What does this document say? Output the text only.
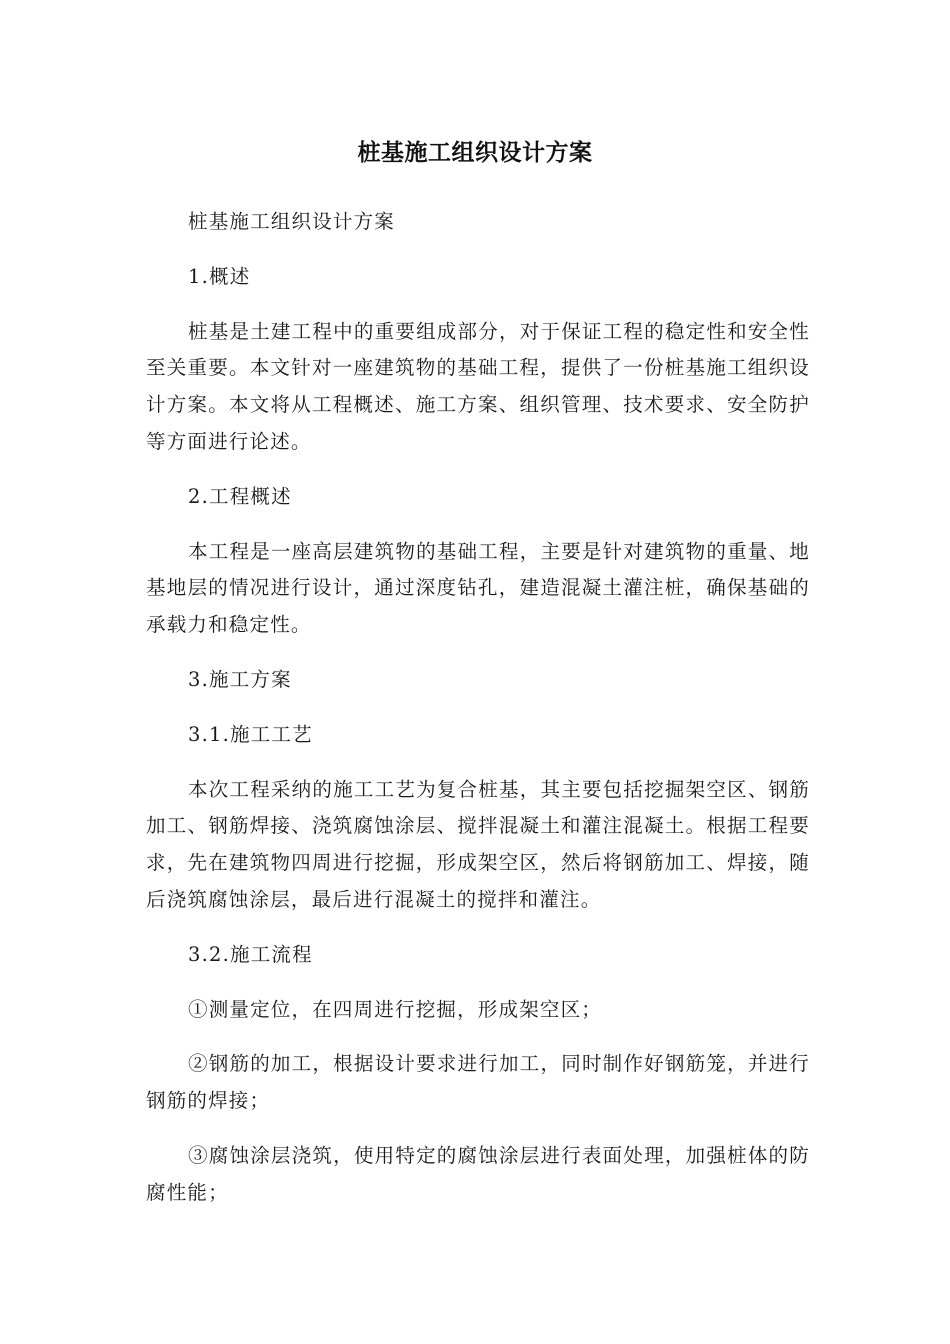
桩基施工组织设计方案

桩基施工组织设计方案

1.概述

桩基是土建工程中的重要组成部分，对于保证工程的稳定性和安全性至关重要。本文针对一座建筑物的基础工程，提供了一份桩基施工组织设计方案。本文将从工程概述、施工方案、组织管理、技术要求、安全防护等方面进行论述。

2.工程概述

本工程是一座高层建筑物的基础工程，主要是针对建筑物的重量、地基地层的情况进行设计，通过深度钻孔，建造混凝土灌注桩，确保基础的承载力和稳定性。

3.施工方案

3.1.施工工艺

本次工程采纳的施工工艺为复合桩基，其主要包括挖掘架空区、钢筋加工、钢筋焊接、浇筑腐蚀涂层、搅拌混凝土和灌注混凝土。根据工程要求，先在建筑物四周进行挖掘，形成架空区，然后将钢筋加工、焊接，随后浇筑腐蚀涂层，最后进行混凝土的搅拌和灌注。

3.2.施工流程

①测量定位，在四周进行挖掘，形成架空区；

②钢筋的加工，根据设计要求进行加工，同时制作好钢筋笼，并进行钢筋的焊接；

③腐蚀涂层浇筑，使用特定的腐蚀涂层进行表面处理，加强桩体的防腐性能；
